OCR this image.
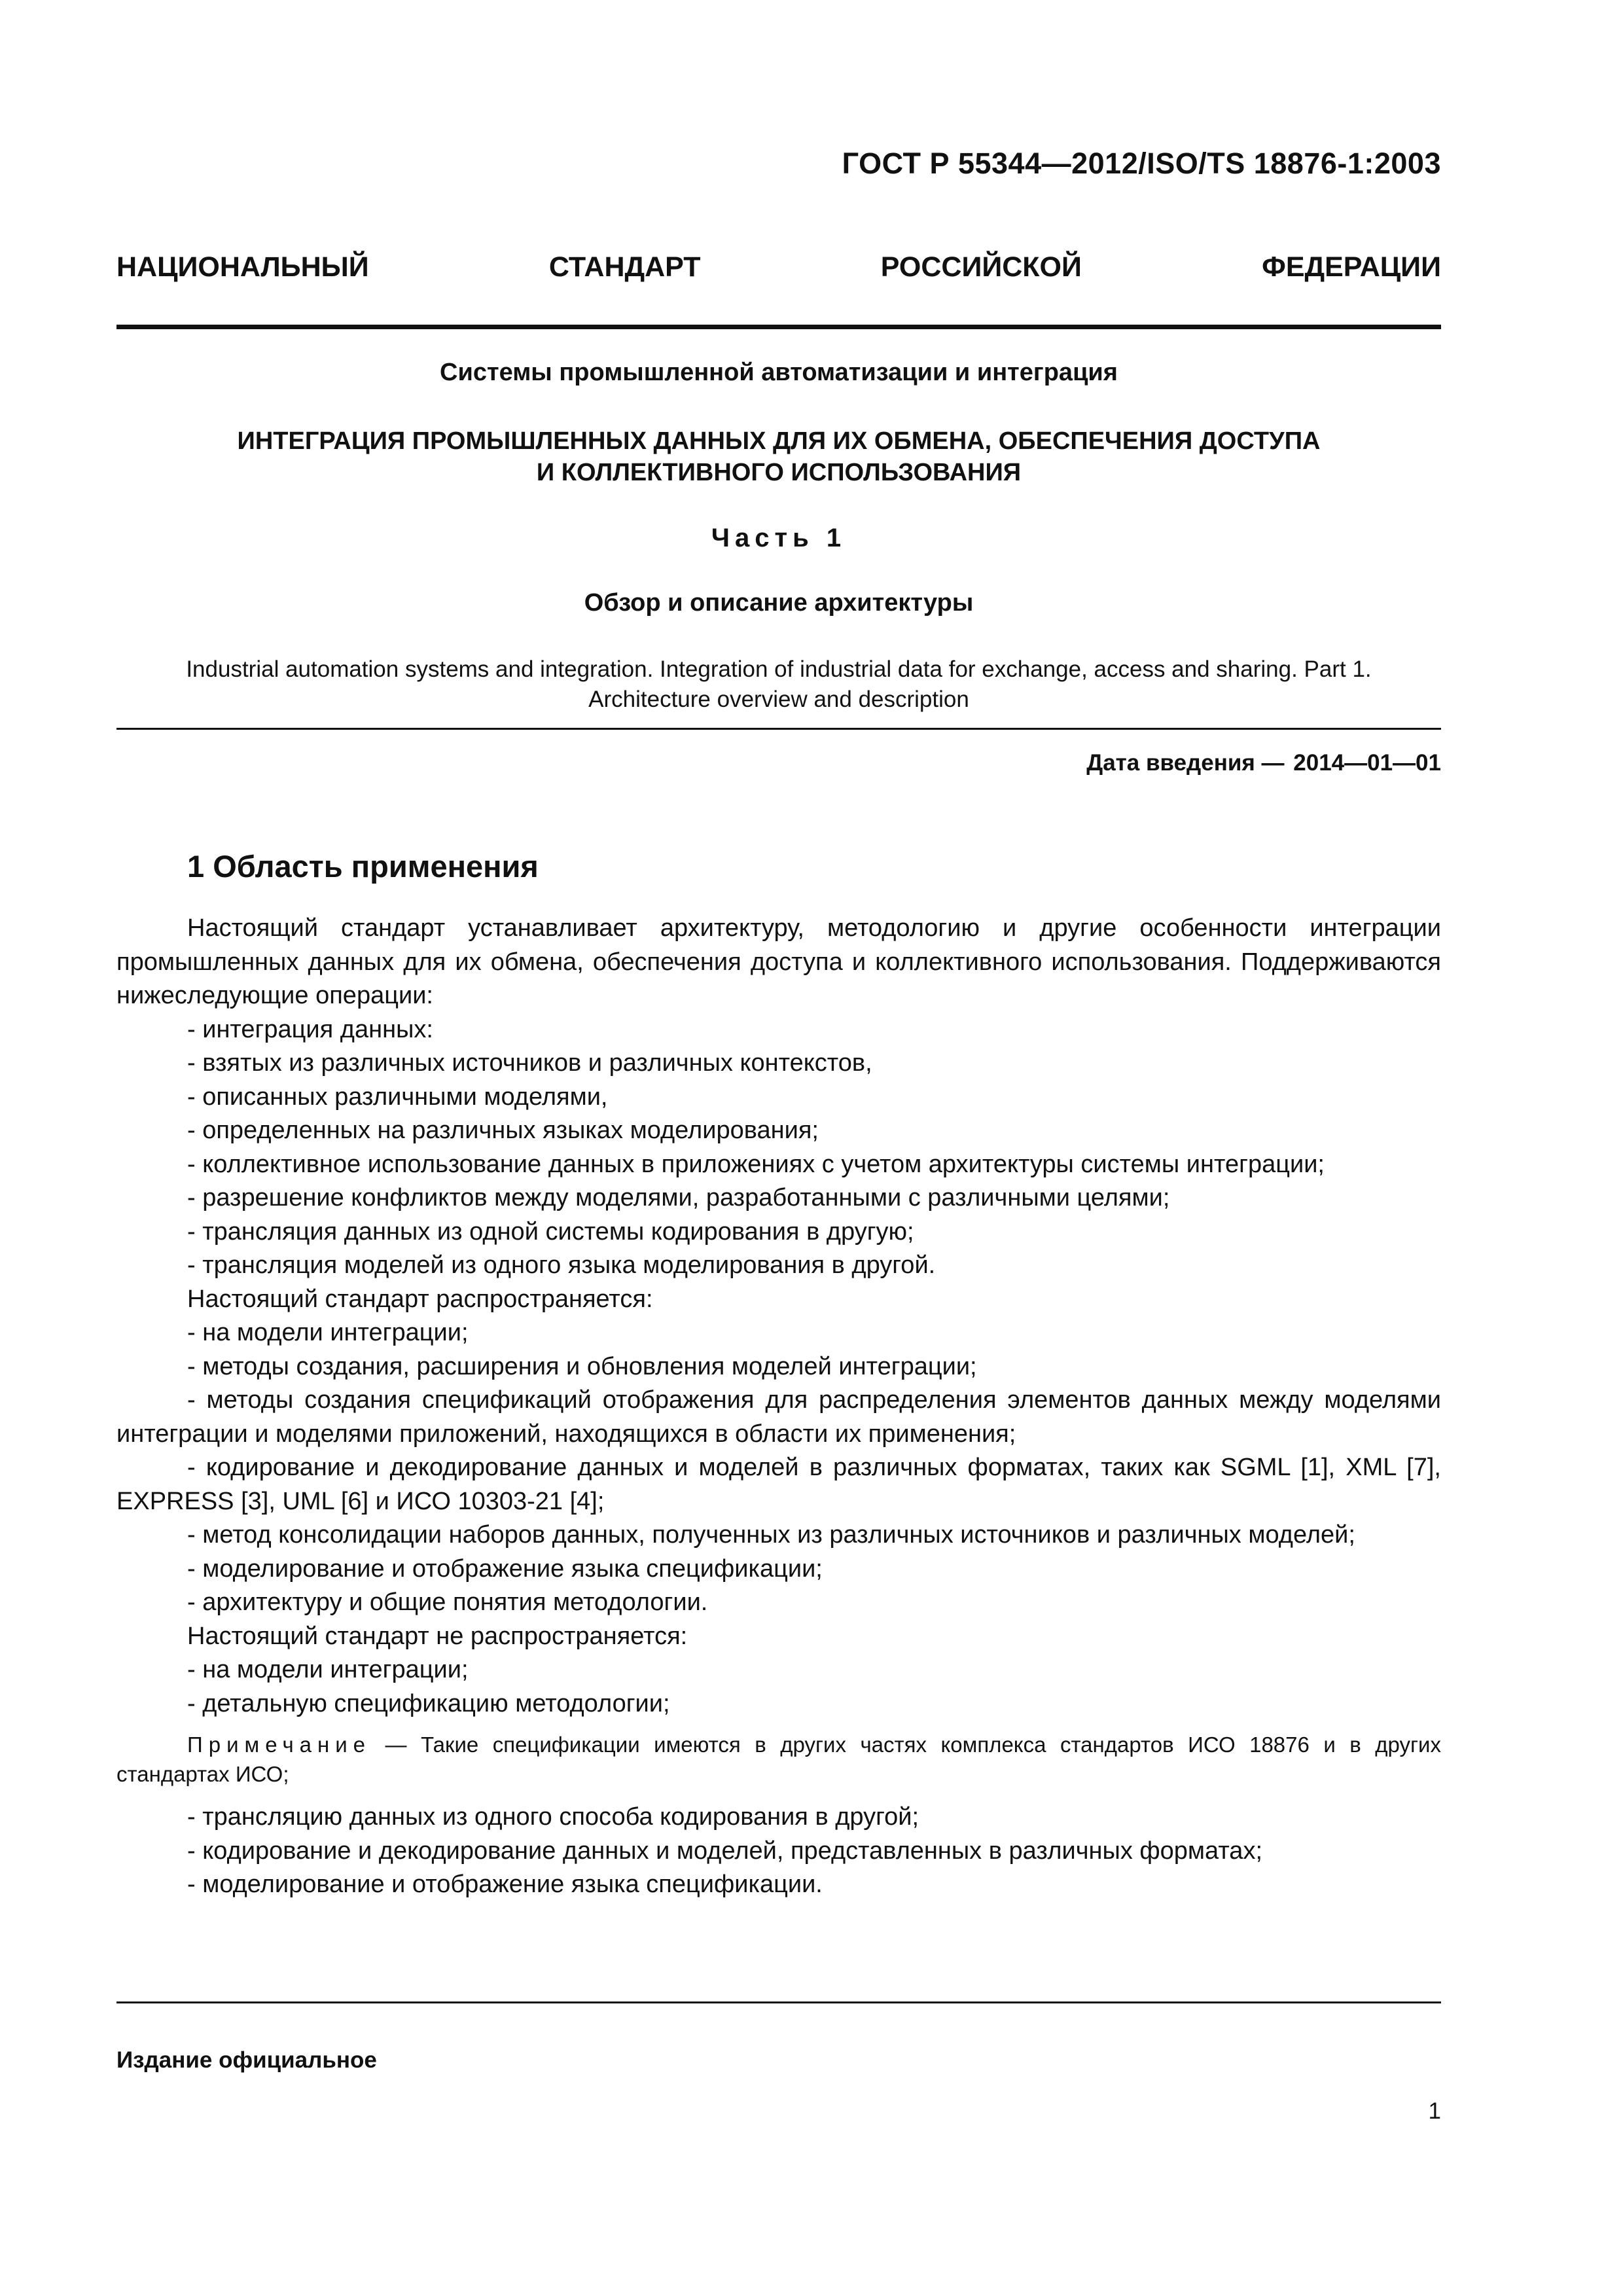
ГОСТ Р 55344—2012/ISO/TS 18876-1:2003
НАЦИОНАЛЬНЫЙ СТАНДАРТ РОССИЙСКОЙ ФЕДЕРАЦИИ
Системы промышленной автоматизации и интеграция
ИНТЕГРАЦИЯ ПРОМЫШЛЕННЫХ ДАННЫХ ДЛЯ ИХ ОБМЕНА, ОБЕСПЕЧЕНИЯ ДОСТУПА
И КОЛЛЕКТИВНОГО ИСПОЛЬЗОВАНИЯ
Часть 1
Обзор и описание архитектуры
Industrial automation systems and integration. Integration of industrial data for exchange, access and sharing. Part 1.
Architecture overview and description
Дата введения — 2014—01—01
1 Область применения

Настоящий стандарт устанавливает архитектуру, методологию и другие особенности интеграции промышленных данных для их обмена, обеспечения доступа и коллективного использования. Поддерживаются нижеследующие операции:

- интеграция данных:

- взятых из различных источников и различных контекстов,

- описанных различными моделями,

- определенных на различных языках моделирования;

- коллективное использование данных в приложениях с учетом архитектуры системы интеграции;

- разрешение конфликтов между моделями, разработанными с различными целями;

- трансляция данных из одной системы кодирования в другую;

- трансляция моделей из одного языка моделирования в другой.

Настоящий стандарт распространяется:

- на модели интеграции;

- методы создания, расширения и обновления моделей интеграции;

- методы создания спецификаций отображения для распределения элементов данных между моделями интеграции и моделями приложений, находящихся в области их применения;

- кодирование и декодирование данных и моделей в различных форматах, таких как SGML [1], XML [7], EXPRESS [3], UML [6] и ИСО 10303-21 [4];

- метод консолидации наборов данных, полученных из различных источников и различных моделей;

- моделирование и отображение языка спецификации;

- архитектуру и общие понятия методологии.

Настоящий стандарт не распространяется:

- на модели интеграции;

- детальную спецификацию методологии;

Примечание — Такие спецификации имеются в других частях комплекса стандартов ИСО 18876 и в других стандартах ИСО;

- трансляцию данных из одного способа кодирования в другой;

- кодирование и декодирование данных и моделей, представленных в различных форматах;

- моделирование и отображение языка спецификации.

Издание официальное
1
